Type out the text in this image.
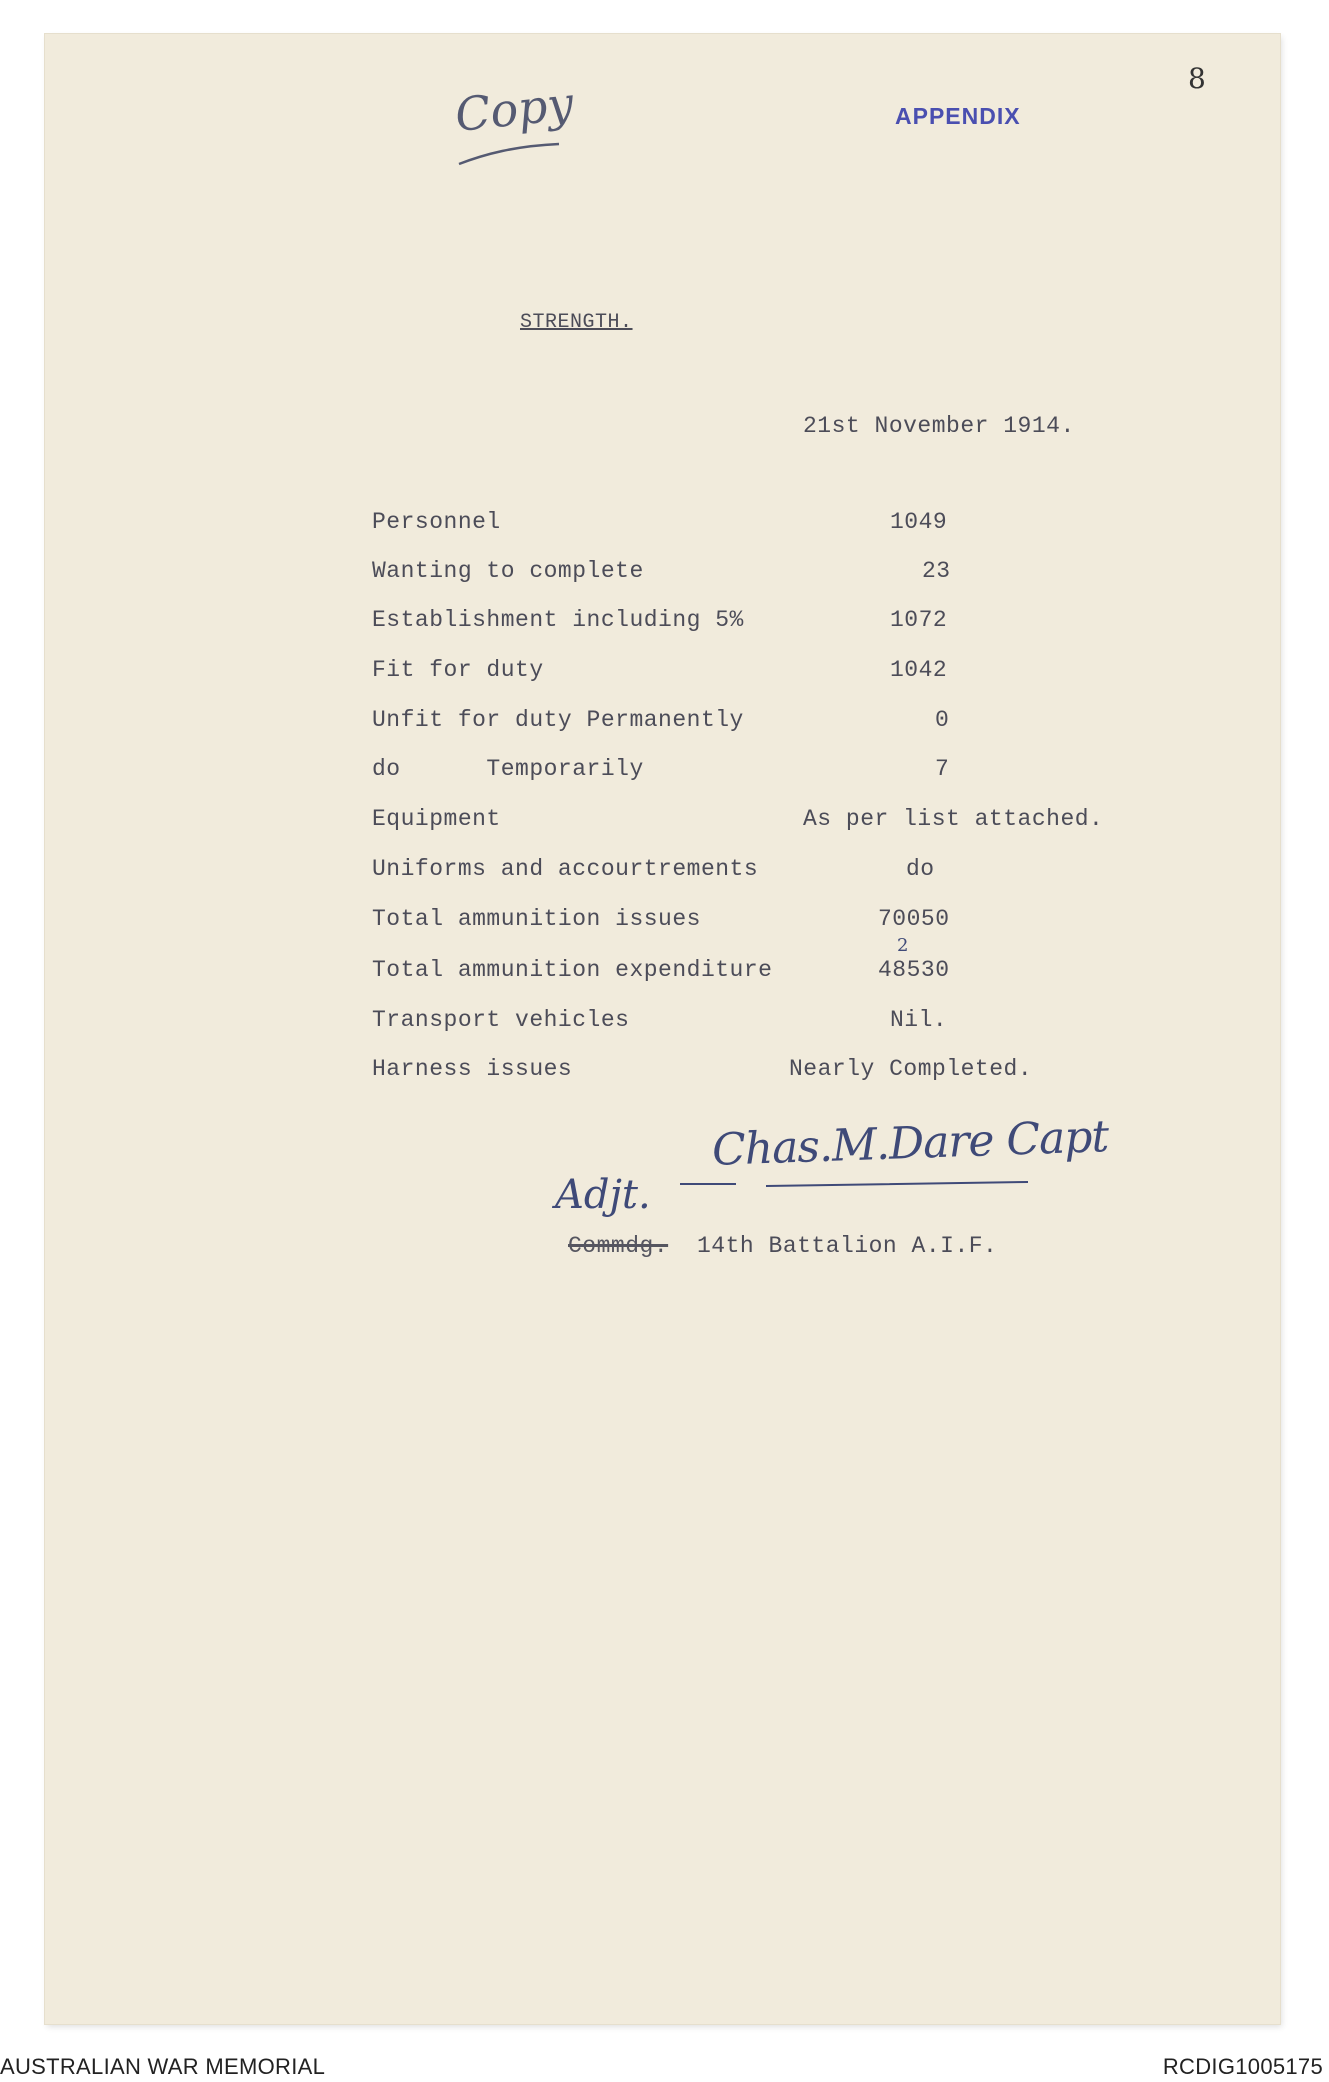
Copy	APPENDIX
8
STRENGTH.
21st November 1914.
Personnel	1049
Wanting to complete	23
Establishment including 5%	1072
Fit for duty	1042
Unfit for duty Permanently	0
do      Temporarily	7
Equipment	As per list attached.
Uniforms and accourtrements	do
Total ammunition issues	70050
Total ammunition expenditure	48530
2
Transport vehicles	Nil.
Harness issues	Nearly Completed.
Chas.M.Dare Capt
Adjt.
Commdg. 14th Battalion A.I.F.
AUSTRALIAN WAR MEMORIAL	RCDIG1005175
